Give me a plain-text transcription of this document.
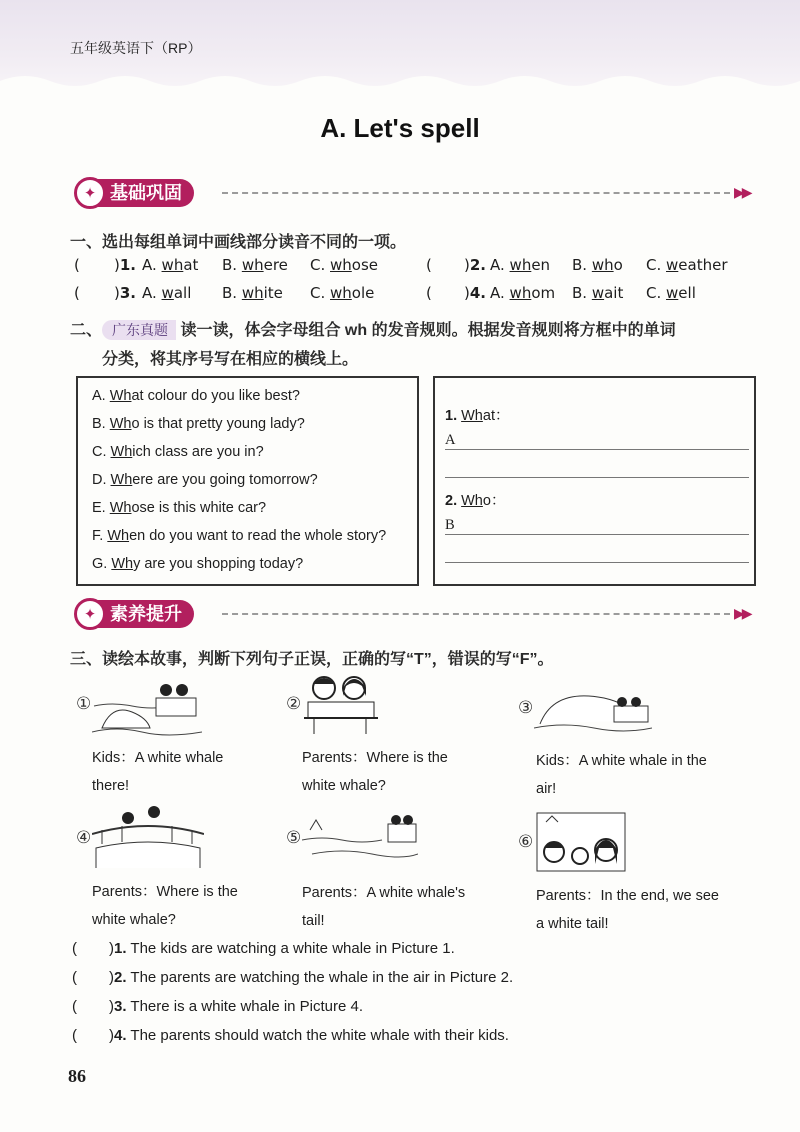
五年级英语下（RP）
A. Let's spell
✦ 基础巩固	▶▶
一、选出每组单词中画线部分读音不同的一项。
( )1. A. what B. where C. whose	( )2. A. when B. who C. weather
( )3. A. wall B. white C. whole	( )4. A. whom B. wait C. well
二、 广东真题 读一读，体会字母组合 wh 的发音规则。根据发音规则将方框中的单词
分类，将其序号写在相应的横线上。
A. What colour do you like best?
B. Who is that pretty young lady?
C. Which class are you in?
D. Where are you going tomorrow?
E. Whose is this white car?
F. When do you want to read the whole story?
G. Why are you shopping today?
1. What：
A
2. Who：
B
✦ 素养提升	▶▶
三、读绘本故事，判断下列句子正误，正确的写“T”，错误的写“F”。
①	②	③
Kids：A white whale
there!
Parents：Where is the
white whale?
Kids：A white whale in the
air!
④	⑤	⑥
Parents：Where is the
white whale?
Parents：A white whale's
tail!
Parents：In the end, we see
a white tail!
( )1. The kids are watching a white whale in Picture 1.
( )2. The parents are watching the whale in the air in Picture 2.
( )3. There is a white whale in Picture 4.
( )4. The parents should watch the white whale with their kids.
86
